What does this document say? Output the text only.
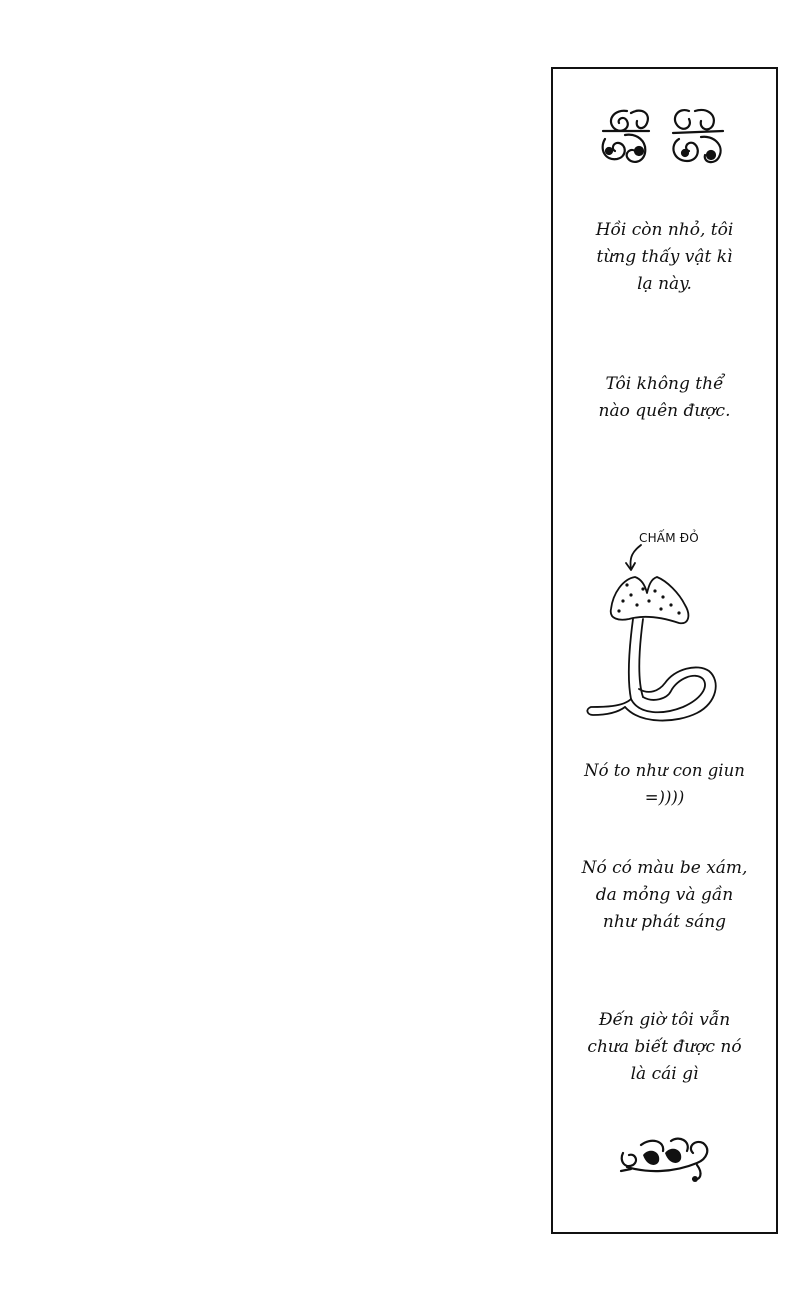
Hồi còn nhỏ, tôi
từng thấy vật kì
lạ này.
Tôi không thể
nào quên được.
CHẤM ĐỎ
Nó to như con giun
=))))
Nó có màu be xám,
da mỏng và gần
như phát sáng
Đến giờ tôi vẫn
chưa biết được nó
là cái gì
